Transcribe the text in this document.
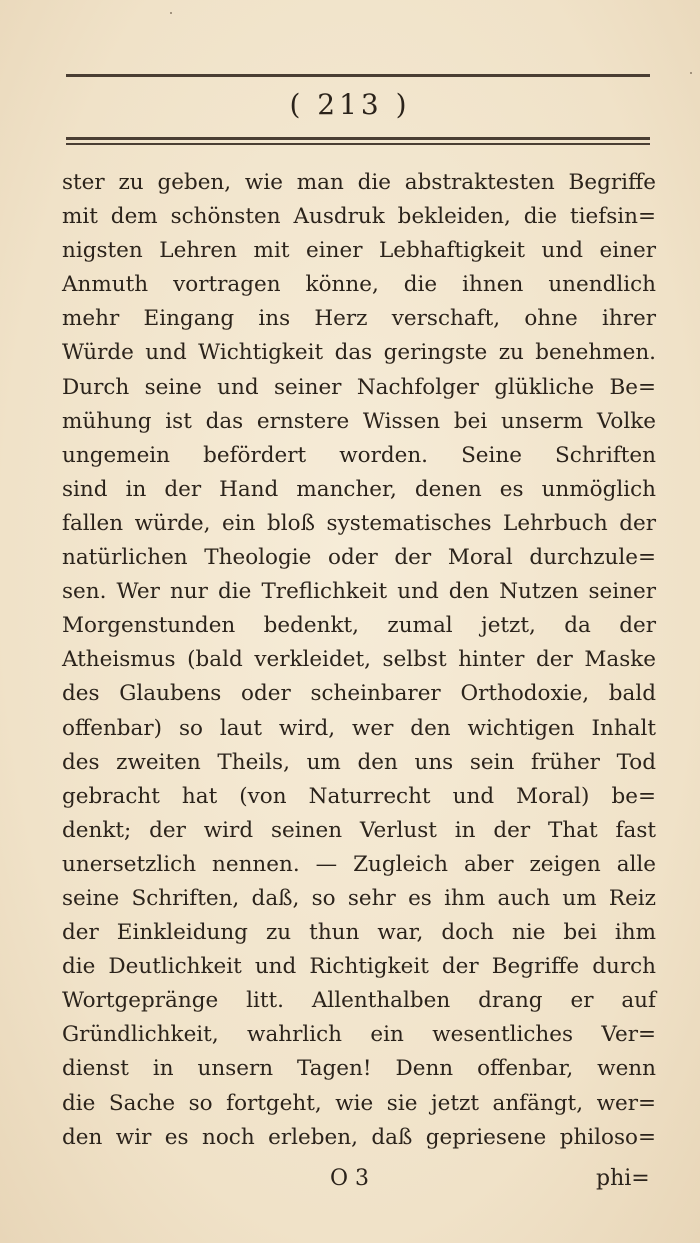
( 213 )
ster zu geben, wie man die abstraktesten Begriffe
mit dem schönsten Ausdruk bekleiden, die tiefsin=
nigsten Lehren mit einer Lebhaftigkeit und einer
Anmuth vortragen könne, die ihnen unendlich
mehr Eingang ins Herz verschaft, ohne ihrer
Würde und Wichtigkeit das geringste zu benehmen.
Durch seine und seiner Nachfolger glükliche Be=
mühung ist das ernstere Wissen bei unserm Volke
ungemein befördert worden. Seine Schriften
sind in der Hand mancher, denen es unmöglich
fallen würde, ein bloß systematisches Lehrbuch der
natürlichen Theologie oder der Moral durchzule=
sen. Wer nur die Treflichkeit und den Nutzen seiner
Morgenstunden bedenkt, zumal jetzt, da der
Atheismus (bald verkleidet, selbst hinter der Maske
des Glaubens oder scheinbarer Orthodoxie, bald
offenbar) so laut wird, wer den wichtigen Inhalt
des zweiten Theils, um den uns sein früher Tod
gebracht hat (von Naturrecht und Moral) be=
denkt; der wird seinen Verlust in der That fast
unersetzlich nennen. — Zugleich aber zeigen alle
seine Schriften, daß, so sehr es ihm auch um Reiz
der Einkleidung zu thun war, doch nie bei ihm
die Deutlichkeit und Richtigkeit der Begriffe durch
Wortgepränge litt. Allenthalben drang er auf
Gründlichkeit, wahrlich ein wesentliches Ver=
dienst in unsern Tagen! Denn offenbar, wenn
die Sache so fortgeht, wie sie jetzt anfängt, wer=
den wir es noch erleben, daß gepriesene philoso=
O 3	phi=
